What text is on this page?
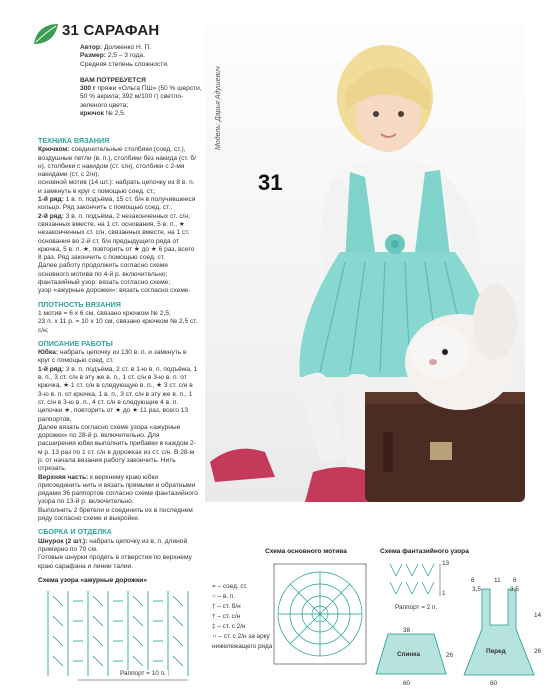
31 САРАФАН
Автор: Долженко Н. П.
Размер: 2,5 – 3 года.
Средняя степень сложности.
ВАМ ПОТРЕБУЕТСЯ
300 г пряжи «Ольга ПШ» (50 % шерсти, 50 % акрила; 392 м/100 г) светло-зеленого цвета;
крючок № 2,5.
ТЕХНИКА ВЯЗАНИЯ

Крючком: соединительные столбики (соед. ст.), воздушные петли (в. п.), столбики без накида (ст. б/н), столбики с накидом (ст. с/н), столбики с 2-мя накидами (ст. с 2/н);

основной мотив (14 шт.): набрать цепочку из 8 в. п. и замкнуть в круг с помощью соед. ст.;

1-й ряд: 1 в. п. подъёма, 15 ст. б/н в получившееся кольцо. Ряд закончить с помощью соед. ст.;

2-й ряд: 3 в. п. подъёма, 2 незаконченных ст. с/н, связанных вместе, на 1 ст. основания, 5 в. п., ★ незаконченных ст. с/н, связанных вместе, на 1 ст. основания во 2-й ст. б/н предыдущего ряда от крючка, 5 в. п. ★, повторить от ★ до ★ 6 раз, всего 8 раз. Ряд закончить с помощью соед. ст.

Далее работу продолжить согласно схеме основного мотива по 4-й р. включительно;

фантазийный узор: вязать согласно схеме;

узор «ажурные дорожки»: вязать согласно схеме.

ПЛОТНОСТЬ ВЯЗАНИЯ

1 мотив = 6 х 6 см, связано крючком № 2,5;

23 п. х 11 р. = 10 х 10 см, связано крючком № 2,5 ст. с/н;

ОПИСАНИЕ РАБОТЫ

Юбка: набрать цепочку из 130 в. п. и замкнуть в круг с помощью соед. ст.

1-й ряд: 3 в. п. подъёма, 2 ст. в 1-ю в. п. подъёма, 1 в. п., 3 ст. с/н в эту же в. п., 1 ст. с/н в 3-ю в. п. от крючка, ★ 1 ст. с/н в следующую в. п., ★ 3 ст. с/н в 3-ю в. п. от крючка, 1 в. п., 3 ст. с/н в эту же в. п., 1 ст. с/н в 3-ю в. п., 4 ст. с/н в следующие 4 в. п. цепочки ★, повторить от ★ до ★ 11 раз, всего 13 раппортов.

Далее вязать согласно схеме узора «ажурные дорожки» по 28-й р. включительно. Для расширения юбки выполнить прибавки в каждом 2-м р. 13 раз по 1 ст. с/н в дорожках из ст. с/н. В 28-м р. от начала вязания работу закончить. Нить отрезать.

Верхняя часть: к верхнему краю юбки присоединить нить и вязать прямыми и обратными рядами 36 раппортов согласно схеме фантазийного узора по 13-й р. включительно.

Выполнить 2 бретели и соединить их в последнем ряду согласно схеме и выкройке.

СБОРКА И ОТДЕЛКА

Шнурок (2 шт.): набрать цепочку из в. п. длиной примерно по 70 см.

Готовые шнурки продеть в отверстия по верхнему краю сарафана и линии талии.

Модель: Дарья Адушевич
31
Схема узора «ажурные дорожки»
Раппорт = 10 п.
= – соед. ст.
○ – в. п.
† – ст. б/н
† – ст. с/н
‡ – ст. с 2/н
∩ – ст. с 2/н за арку нижележащего ряда
Схема основного мотива	Схема фантазийного узора
13
1
Раппорт = 2 п.
38
Спинка
60
26
6	11 6
3,5	3,5
Перед
60
14
26
